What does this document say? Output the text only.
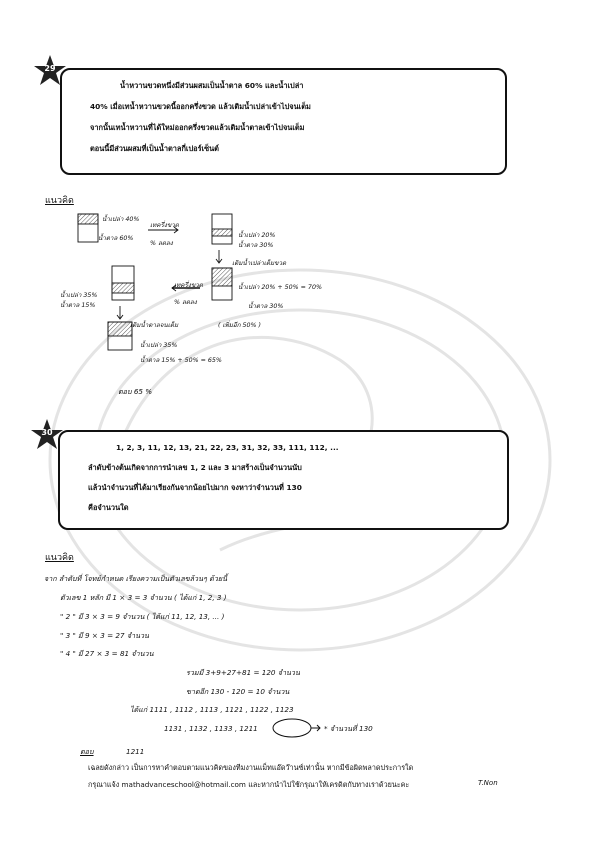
29
น้ำหวานขวดหนึ่งมีส่วนผสมเป็นน้ำตาล 60% และน้ำเปล่า
40% เมื่อเทน้ำหวานขวดนี้ออกครึ่งขวด แล้วเติมน้ำเปล่าเข้าไปจนเต็ม
จากนั้นเทน้ำหวานที่ได้ใหม่ออกครึ่งขวดแล้วเติมน้ำตาลเข้าไปจนเต็ม
ตอนนี้มีส่วนผสมที่เป็นน้ำตาลกี่เปอร์เซ็นต์
แนวคิด
น้ำเปล่า 40%
น้ำตาล 60%
เทครึ่งขวด
% ลดลง
น้ำเปล่า 20%
น้ำตาล 30%
เติมน้ำเปล่าเต็มขวด
น้ำเปล่า 20% + 50% = 70%
น้ำตาล 30%
เทครึ่งขวด
% ลดลง
น้ำเปล่า 35%
น้ำตาล 15%
เติมน้ำตาลจนเต็ม	( เพิ่มอีก 50% )
น้ำเปล่า 35%
น้ำตาล 15% + 50% = 65%
ตอบ 65 %
30
1, 2, 3, 11, 12, 13, 21, 22, 23, 31, 32, 33, 111, 112, ...
ลำดับข้างต้นเกิดจากการนำเลข 1, 2 และ 3 มาสร้างเป็นจำนวนนับ
แล้วนำจำนวนที่ได้มาเรียงกันจากน้อยไปมาก จงหาว่าจำนวนที่ 130
คือจำนวนใด
แนวคิด
จาก ลำดับที่ โจทย์กำหนด เรียงความเป็นตัวเลขล้วนๆ ด้วยนี้
ตัวเลข 1 หลัก มี 1 × 3 = 3 จำนวน ( ได้แก่ 1, 2, 3 )
" 2 " มี 3 × 3 = 9 จำนวน ( ได้แก่ 11, 12, 13, ... )
" 3 " มี 9 × 3 = 27 จำนวน
" 4 " มี 27 × 3 = 81 จำนวน
รวมมี 3+9+27+81 = 120 จำนวน
ขาดอีก 130 - 120 = 10 จำนวน
ได้แก่ 1111 , 1112 , 1113 , 1121 , 1122 , 1123
1131 , 1132 , 1133 , 1211	* จำนวนที่ 130
ตอบ	1211
เฉลยดังกล่าว เป็นการหาคำตอบตามแนวคิดของทีมงานแม็ทแอ๊ดว๊านซ์เท่านั้น หากมีข้อผิดพลาดประการใด
กรุณาแจ้ง mathadvanceschool@hotmail.com และหากนำไปใช้กรุณาให้เครดิตกับทางเราด้วยนะคะ	T.Non
